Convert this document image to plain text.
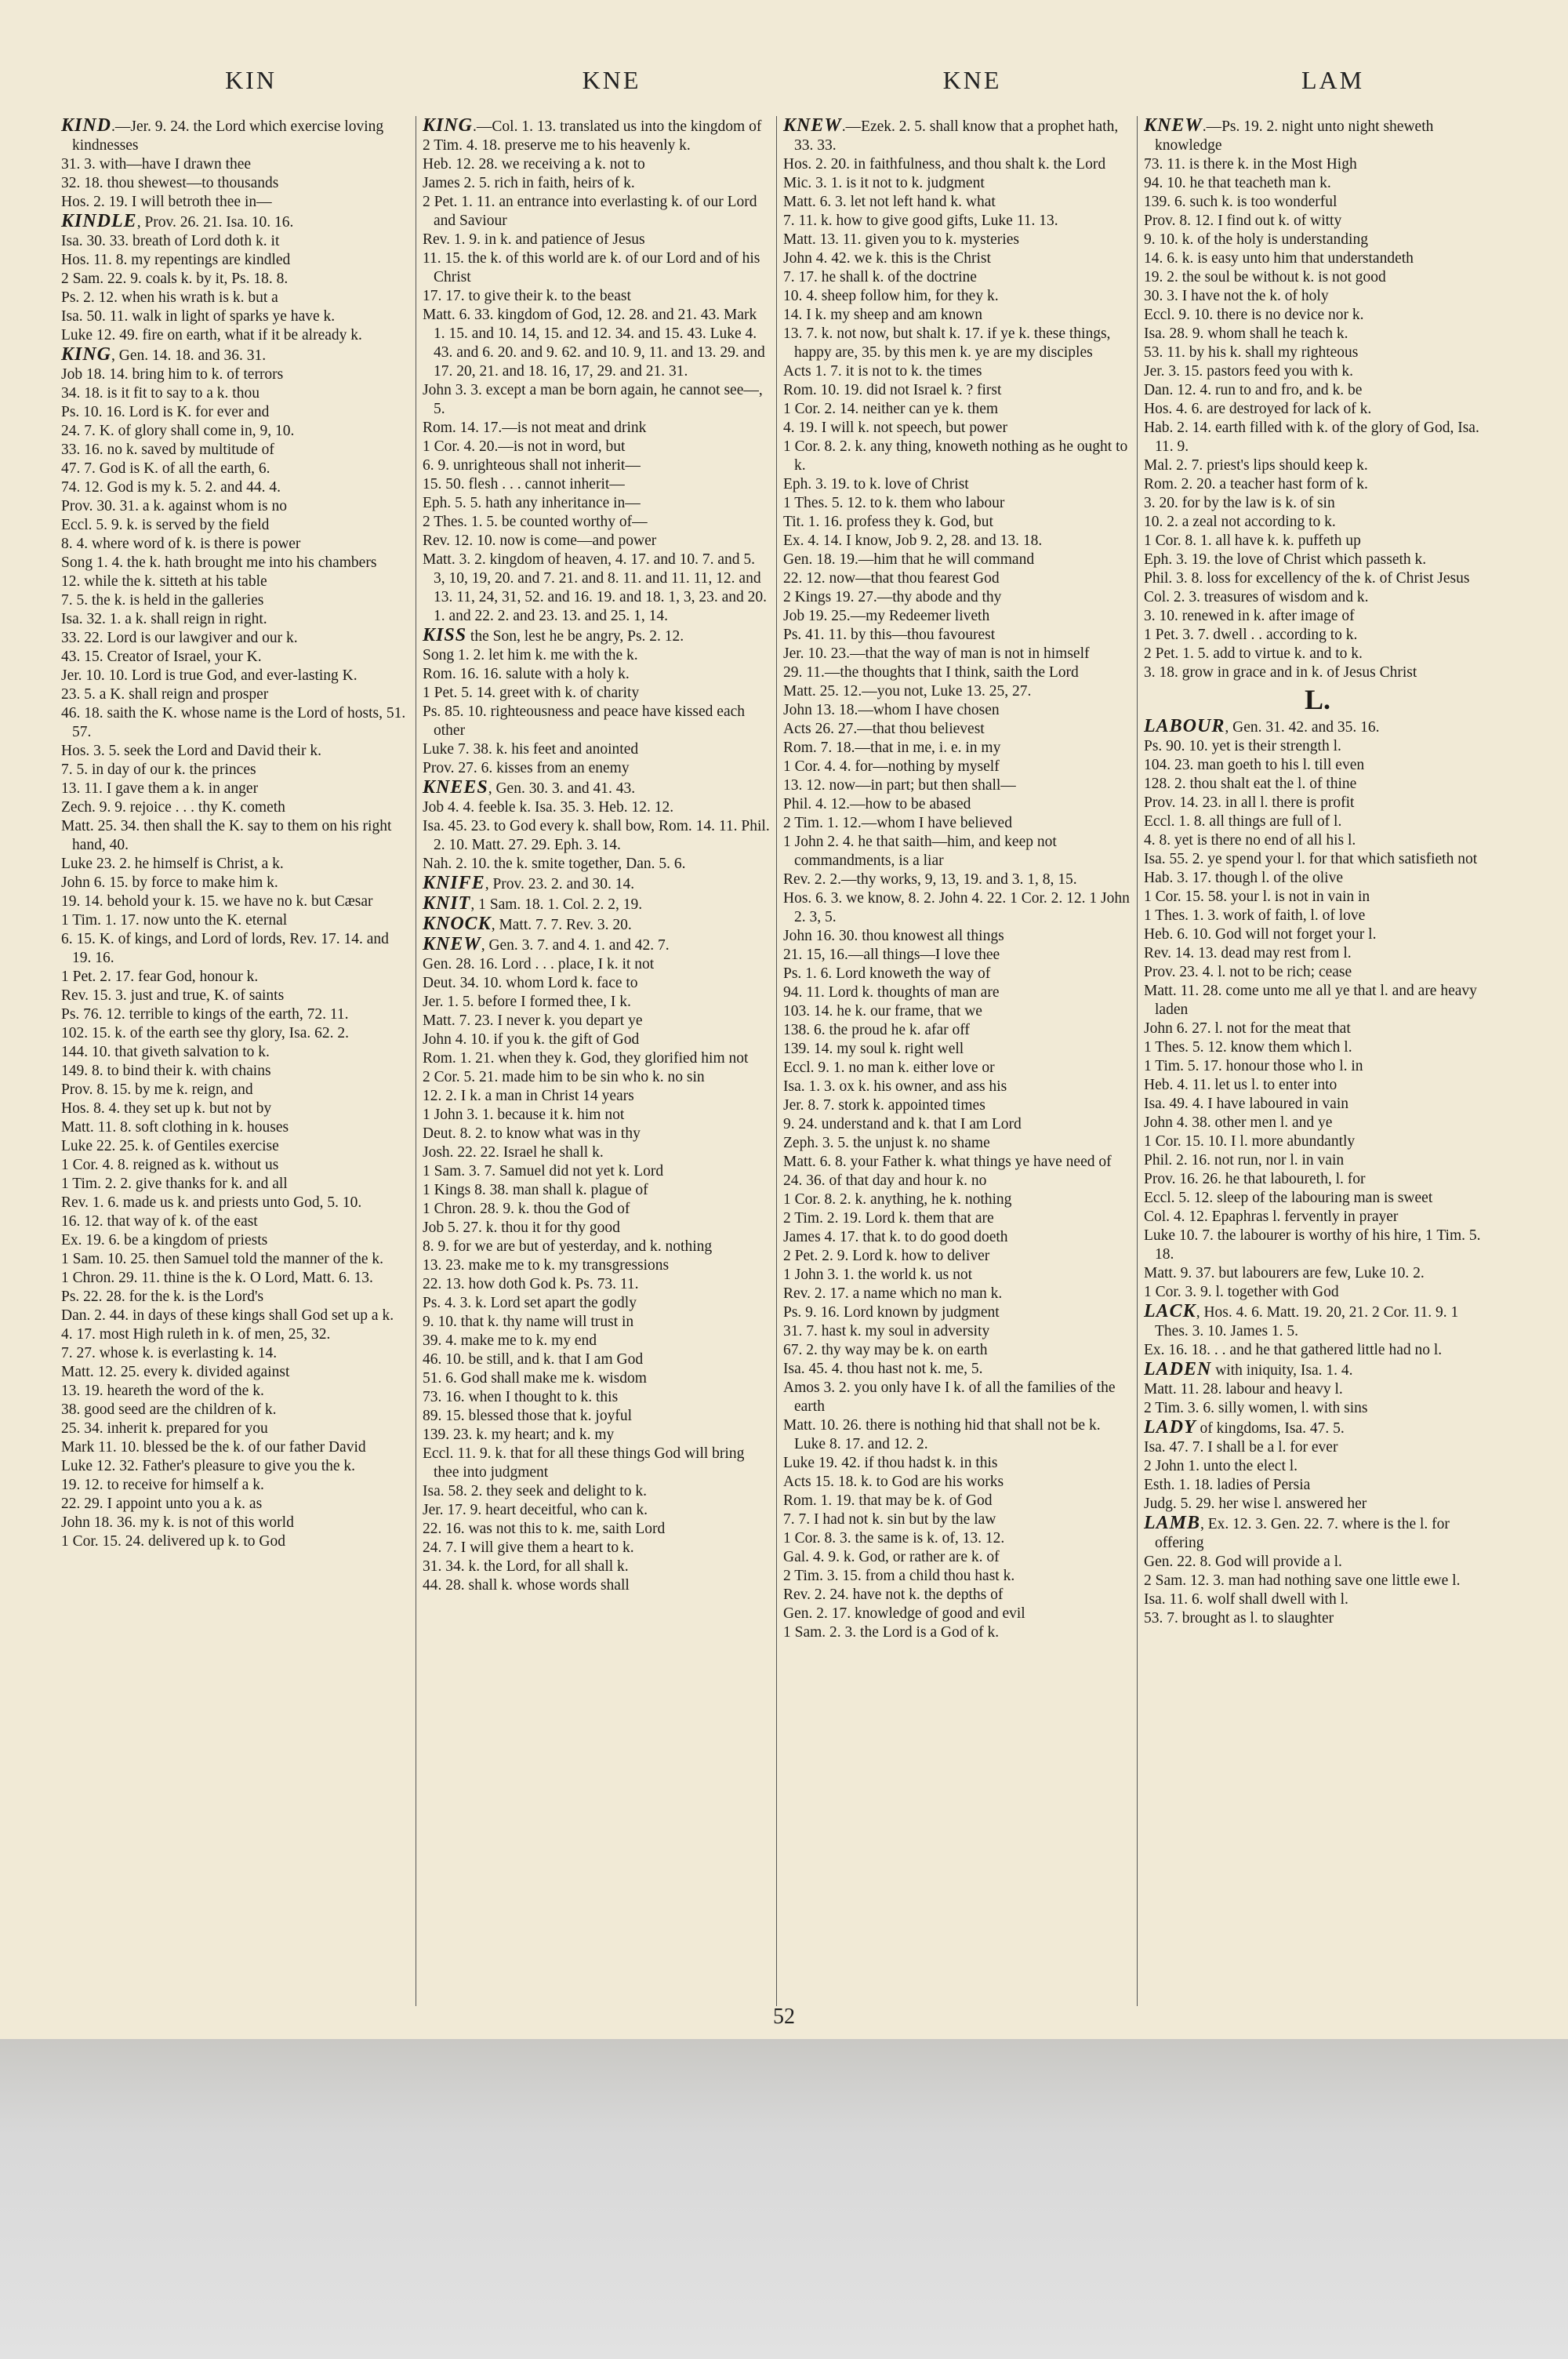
KIN	KNE	KNE	LAM

KIND.—Jer. 9. 24. the Lord which exercise loving kindnesses

31. 3. with—have I drawn thee

32. 18. thou shewest—to thousands

Hos. 2. 19. I will betroth thee in—

KINDLE, Prov. 26. 21. Isa. 10. 16.

Isa. 30. 33. breath of Lord doth k. it

Hos. 11. 8. my repentings are kindled

2 Sam. 22. 9. coals k. by it, Ps. 18. 8.

Ps. 2. 12. when his wrath is k. but a

Isa. 50. 11. walk in light of sparks ye have k.

Luke 12. 49. fire on earth, what if it be already k.

KING, Gen. 14. 18. and 36. 31.

Job 18. 14. bring him to k. of terrors

34. 18. is it fit to say to a k. thou

Ps. 10. 16. Lord is K. for ever and

24. 7. K. of glory shall come in, 9, 10.

33. 16. no k. saved by multitude of

47. 7. God is K. of all the earth, 6.

74. 12. God is my k. 5. 2. and 44. 4.

Prov. 30. 31. a k. against whom is no

Eccl. 5. 9. k. is served by the field

8. 4. where word of k. is there is power

Song 1. 4. the k. hath brought me into his chambers

12. while the k. sitteth at his table

7. 5. the k. is held in the galleries

Isa. 32. 1. a k. shall reign in right.

33. 22. Lord is our lawgiver and our k.

43. 15. Creator of Israel, your K.

Jer. 10. 10. Lord is true God, and ever-lasting K.

23. 5. a K. shall reign and prosper

46. 18. saith the K. whose name is the Lord of hosts, 51. 57.

Hos. 3. 5. seek the Lord and David their k.

7. 5. in day of our k. the princes

13. 11. I gave them a k. in anger

Zech. 9. 9. rejoice . . . thy K. cometh

Matt. 25. 34. then shall the K. say to them on his right hand, 40.

Luke 23. 2. he himself is Christ, a k.

John 6. 15. by force to make him k.

19. 14. behold your k. 15. we have no k. but Cæsar

1 Tim. 1. 17. now unto the K. eternal

6. 15. K. of kings, and Lord of lords, Rev. 17. 14. and 19. 16.

1 Pet. 2. 17. fear God, honour k.

Rev. 15. 3. just and true, K. of saints

Ps. 76. 12. terrible to kings of the earth, 72. 11.

102. 15. k. of the earth see thy glory, Isa. 62. 2.

144. 10. that giveth salvation to k.

149. 8. to bind their k. with chains

Prov. 8. 15. by me k. reign, and

Hos. 8. 4. they set up k. but not by

Matt. 11. 8. soft clothing in k. houses

Luke 22. 25. k. of Gentiles exercise

1 Cor. 4. 8. reigned as k. without us

1 Tim. 2. 2. give thanks for k. and all

Rev. 1. 6. made us k. and priests unto God, 5. 10.

16. 12. that way of k. of the east

Ex. 19. 6. be a kingdom of priests

1 Sam. 10. 25. then Samuel told the manner of the k.

1 Chron. 29. 11. thine is the k. O Lord, Matt. 6. 13.

Ps. 22. 28. for the k. is the Lord's

Dan. 2. 44. in days of these kings shall God set up a k.

4. 17. most High ruleth in k. of men, 25, 32.

7. 27. whose k. is everlasting k. 14.

Matt. 12. 25. every k. divided against

13. 19. heareth the word of the k.

38. good seed are the children of k.

25. 34. inherit k. prepared for you

Mark 11. 10. blessed be the k. of our father David

Luke 12. 32. Father's pleasure to give you the k.

19. 12. to receive for himself a k.

22. 29. I appoint unto you a k. as

John 18. 36. my k. is not of this world

1 Cor. 15. 24. delivered up k. to God

KING.—Col. 1. 13. translated us into the kingdom of

2 Tim. 4. 18. preserve me to his heavenly k.

Heb. 12. 28. we receiving a k. not to

James 2. 5. rich in faith, heirs of k.

2 Pet. 1. 11. an entrance into everlasting k. of our Lord and Saviour

Rev. 1. 9. in k. and patience of Jesus

11. 15. the k. of this world are k. of our Lord and of his Christ

17. 17. to give their k. to the beast

Matt. 6. 33. kingdom of God, 12. 28. and 21. 43. Mark 1. 15. and 10. 14, 15. and 12. 34. and 15. 43. Luke 4. 43. and 6. 20. and 9. 62. and 10. 9, 11. and 13. 29. and 17. 20, 21. and 18. 16, 17, 29. and 21. 31.

John 3. 3. except a man be born again, he cannot see—, 5.

Rom. 14. 17.—is not meat and drink

1 Cor. 4. 20.—is not in word, but

6. 9. unrighteous shall not inherit—

15. 50. flesh . . . cannot inherit—

Eph. 5. 5. hath any inheritance in—

2 Thes. 1. 5. be counted worthy of—

Rev. 12. 10. now is come—and power

Matt. 3. 2. kingdom of heaven, 4. 17. and 10. 7. and 5. 3, 10, 19, 20. and 7. 21. and 8. 11. and 11. 11, 12. and 13. 11, 24, 31, 52. and 16. 19. and 18. 1, 3, 23. and 20. 1. and 22. 2. and 23. 13. and 25. 1, 14.

KISS the Son, lest he be angry, Ps. 2. 12.

Song 1. 2. let him k. me with the k.

Rom. 16. 16. salute with a holy k.

1 Pet. 5. 14. greet with k. of charity

Ps. 85. 10. righteousness and peace have kissed each other

Luke 7. 38. k. his feet and anointed

Prov. 27. 6. kisses from an enemy

KNEES, Gen. 30. 3. and 41. 43.

Job 4. 4. feeble k. Isa. 35. 3. Heb. 12. 12.

Isa. 45. 23. to God every k. shall bow, Rom. 14. 11. Phil. 2. 10. Matt. 27. 29. Eph. 3. 14.

Nah. 2. 10. the k. smite together, Dan. 5. 6.

KNIFE, Prov. 23. 2. and 30. 14.

KNIT, 1 Sam. 18. 1. Col. 2. 2, 19.

KNOCK, Matt. 7. 7. Rev. 3. 20.

KNEW, Gen. 3. 7. and 4. 1. and 42. 7.

Gen. 28. 16. Lord . . . place, I k. it not

Deut. 34. 10. whom Lord k. face to

Jer. 1. 5. before I formed thee, I k.

Matt. 7. 23. I never k. you depart ye

John 4. 10. if you k. the gift of God

Rom. 1. 21. when they k. God, they glorified him not

2 Cor. 5. 21. made him to be sin who k. no sin

12. 2. I k. a man in Christ 14 years

1 John 3. 1. because it k. him not

Deut. 8. 2. to know what was in thy

Josh. 22. 22. Israel he shall k.

1 Sam. 3. 7. Samuel did not yet k. Lord

1 Kings 8. 38. man shall k. plague of

1 Chron. 28. 9. k. thou the God of

Job 5. 27. k. thou it for thy good

8. 9. for we are but of yesterday, and k. nothing

13. 23. make me to k. my transgressions

22. 13. how doth God k. Ps. 73. 11.

Ps. 4. 3. k. Lord set apart the godly

9. 10. that k. thy name will trust in

39. 4. make me to k. my end

46. 10. be still, and k. that I am God

51. 6. God shall make me k. wisdom

73. 16. when I thought to k. this

89. 15. blessed those that k. joyful

139. 23. k. my heart; and k. my

Eccl. 11. 9. k. that for all these things God will bring thee into judgment

Isa. 58. 2. they seek and delight to k.

Jer. 17. 9. heart deceitful, who can k.

22. 16. was not this to k. me, saith Lord

24. 7. I will give them a heart to k.

31. 34. k. the Lord, for all shall k.

44. 28. shall k. whose words shall

KNEW.—Ezek. 2. 5. shall know that a prophet hath, 33. 33.

Hos. 2. 20. in faithfulness, and thou shalt k. the Lord

Mic. 3. 1. is it not to k. judgment

Matt. 6. 3. let not left hand k. what

7. 11. k. how to give good gifts, Luke 11. 13.

Matt. 13. 11. given you to k. mysteries

John 4. 42. we k. this is the Christ

7. 17. he shall k. of the doctrine

10. 4. sheep follow him, for they k.

14. I k. my sheep and am known

13. 7. k. not now, but shalt k. 17. if ye k. these things, happy are, 35. by this men k. ye are my disciples

Acts 1. 7. it is not to k. the times

Rom. 10. 19. did not Israel k. ? first

1 Cor. 2. 14. neither can ye k. them

4. 19. I will k. not speech, but power

1 Cor. 8. 2. k. any thing, knoweth nothing as he ought to k.

Eph. 3. 19. to k. love of Christ

1 Thes. 5. 12. to k. them who labour

Tit. 1. 16. profess they k. God, but

Ex. 4. 14. I know, Job 9. 2, 28. and 13. 18.

Gen. 18. 19.—him that he will command

22. 12. now—that thou fearest God

2 Kings 19. 27.—thy abode and thy

Job 19. 25.—my Redeemer liveth

Ps. 41. 11. by this—thou favourest

Jer. 10. 23.—that the way of man is not in himself

29. 11.—the thoughts that I think, saith the Lord

Matt. 25. 12.—you not, Luke 13. 25, 27.

John 13. 18.—whom I have chosen

Acts 26. 27.—that thou believest

Rom. 7. 18.—that in me, i. e. in my

1 Cor. 4. 4. for—nothing by myself

13. 12. now—in part; but then shall—

Phil. 4. 12.—how to be abased

2 Tim. 1. 12.—whom I have believed

1 John 2. 4. he that saith—him, and keep not commandments, is a liar

Rev. 2. 2.—thy works, 9, 13, 19. and 3. 1, 8, 15.

Hos. 6. 3. we know, 8. 2. John 4. 22. 1 Cor. 2. 12. 1 John 2. 3, 5.

John 16. 30. thou knowest all things

21. 15, 16.—all things—I love thee

Ps. 1. 6. Lord knoweth the way of

94. 11. Lord k. thoughts of man are

103. 14. he k. our frame, that we

138. 6. the proud he k. afar off

139. 14. my soul k. right well

Eccl. 9. 1. no man k. either love or

Isa. 1. 3. ox k. his owner, and ass his

Jer. 8. 7. stork k. appointed times

9. 24. understand and k. that I am Lord

Zeph. 3. 5. the unjust k. no shame

Matt. 6. 8. your Father k. what things ye have need of

24. 36. of that day and hour k. no

1 Cor. 8. 2. k. anything, he k. nothing

2 Tim. 2. 19. Lord k. them that are

James 4. 17. that k. to do good doeth

2 Pet. 2. 9. Lord k. how to deliver

1 John 3. 1. the world k. us not

Rev. 2. 17. a name which no man k.

Ps. 9. 16. Lord known by judgment

31. 7. hast k. my soul in adversity

67. 2. thy way may be k. on earth

Isa. 45. 4. thou hast not k. me, 5.

Amos 3. 2. you only have I k. of all the families of the earth

Matt. 10. 26. there is nothing hid that shall not be k. Luke 8. 17. and 12. 2.

Luke 19. 42. if thou hadst k. in this

Acts 15. 18. k. to God are his works

Rom. 1. 19. that may be k. of God

7. 7. I had not k. sin but by the law

1 Cor. 8. 3. the same is k. of, 13. 12.

Gal. 4. 9. k. God, or rather are k. of

2 Tim. 3. 15. from a child thou hast k.

Rev. 2. 24. have not k. the depths of

Gen. 2. 17. knowledge of good and evil

1 Sam. 2. 3. the Lord is a God of k.

KNEW.—Ps. 19. 2. night unto night sheweth knowledge

73. 11. is there k. in the Most High

94. 10. he that teacheth man k.

139. 6. such k. is too wonderful

Prov. 8. 12. I find out k. of witty

9. 10. k. of the holy is understanding

14. 6. k. is easy unto him that understandeth

19. 2. the soul be without k. is not good

30. 3. I have not the k. of holy

Eccl. 9. 10. there is no device nor k.

Isa. 28. 9. whom shall he teach k.

53. 11. by his k. shall my righteous

Jer. 3. 15. pastors feed you with k.

Dan. 12. 4. run to and fro, and k. be

Hos. 4. 6. are destroyed for lack of k.

Hab. 2. 14. earth filled with k. of the glory of God, Isa. 11. 9.

Mal. 2. 7. priest's lips should keep k.

Rom. 2. 20. a teacher hast form of k.

3. 20. for by the law is k. of sin

10. 2. a zeal not according to k.

1 Cor. 8. 1. all have k. k. puffeth up

Eph. 3. 19. the love of Christ which passeth k.

Phil. 3. 8. loss for excellency of the k. of Christ Jesus

Col. 2. 3. treasures of wisdom and k.

3. 10. renewed in k. after image of

1 Pet. 3. 7. dwell . . according to k.

2 Pet. 1. 5. add to virtue k. and to k.

3. 18. grow in grace and in k. of Jesus Christ

L.

LABOUR, Gen. 31. 42. and 35. 16.

Ps. 90. 10. yet is their strength l.

104. 23. man goeth to his l. till even

128. 2. thou shalt eat the l. of thine

Prov. 14. 23. in all l. there is profit

Eccl. 1. 8. all things are full of l.

4. 8. yet is there no end of all his l.

Isa. 55. 2. ye spend your l. for that which satisfieth not

Hab. 3. 17. though l. of the olive

1 Cor. 15. 58. your l. is not in vain in

1 Thes. 1. 3. work of faith, l. of love

Heb. 6. 10. God will not forget your l.

Rev. 14. 13. dead may rest from l.

Prov. 23. 4. l. not to be rich; cease

Matt. 11. 28. come unto me all ye that l. and are heavy laden

John 6. 27. l. not for the meat that

1 Thes. 5. 12. know them which l.

1 Tim. 5. 17. honour those who l. in

Heb. 4. 11. let us l. to enter into

Isa. 49. 4. I have laboured in vain

John 4. 38. other men l. and ye

1 Cor. 15. 10. I l. more abundantly

Phil. 2. 16. not run, nor l. in vain

Prov. 16. 26. he that laboureth, l. for

Eccl. 5. 12. sleep of the labouring man is sweet

Col. 4. 12. Epaphras l. fervently in prayer

Luke 10. 7. the labourer is worthy of his hire, 1 Tim. 5. 18.

Matt. 9. 37. but labourers are few, Luke 10. 2.

1 Cor. 3. 9. l. together with God

LACK, Hos. 4. 6. Matt. 19. 20, 21. 2 Cor. 11. 9. 1 Thes. 3. 10. James 1. 5.

Ex. 16. 18. . . and he that gathered little had no l.

LADEN with iniquity, Isa. 1. 4.

Matt. 11. 28. labour and heavy l.

2 Tim. 3. 6. silly women, l. with sins

LADY of kingdoms, Isa. 47. 5.

Isa. 47. 7. I shall be a l. for ever

2 John 1. unto the elect l.

Esth. 1. 18. ladies of Persia

Judg. 5. 29. her wise l. answered her

LAMB, Ex. 12. 3. Gen. 22. 7. where is the l. for offering

Gen. 22. 8. God will provide a l.

2 Sam. 12. 3. man had nothing save one little ewe l.

Isa. 11. 6. wolf shall dwell with l.

53. 7. brought as l. to slaughter

52
